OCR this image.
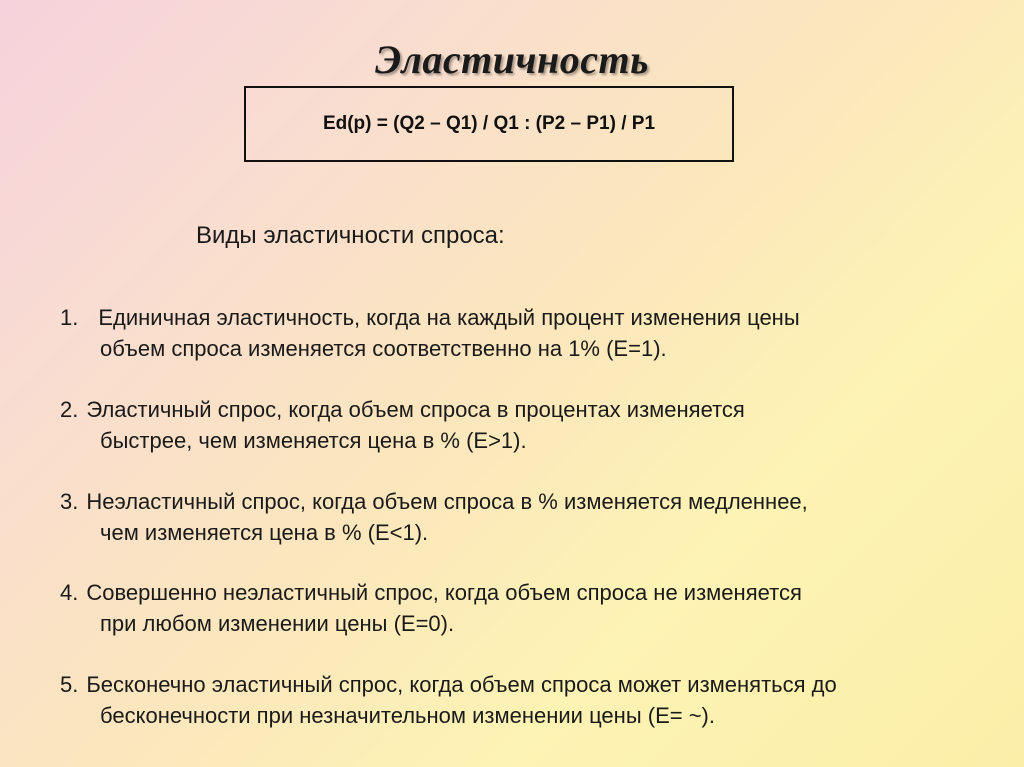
Эластичность
Ed(p) = (Q2 – Q1) / Q1 : (P2 – P1) / P1
Виды эластичности спроса:
1. Единичная эластичность, когда на каждый процент изменения цены
объем спроса изменяется соответственно на 1% (E=1).
2. Эластичный спрос, когда объем спроса в процентах изменяется
быстрее, чем изменяется цена в % (E>1).
3. Неэластичный спрос, когда объем спроса в % изменяется медленнее,
чем изменяется цена в % (E<1).
4. Совершенно неэластичный спрос, когда объем спроса не изменяется
при любом изменении цены (E=0).
5. Бесконечно эластичный спрос, когда объем спроса может изменяться до
бесконечности при незначительном изменении цены (E= ~).
